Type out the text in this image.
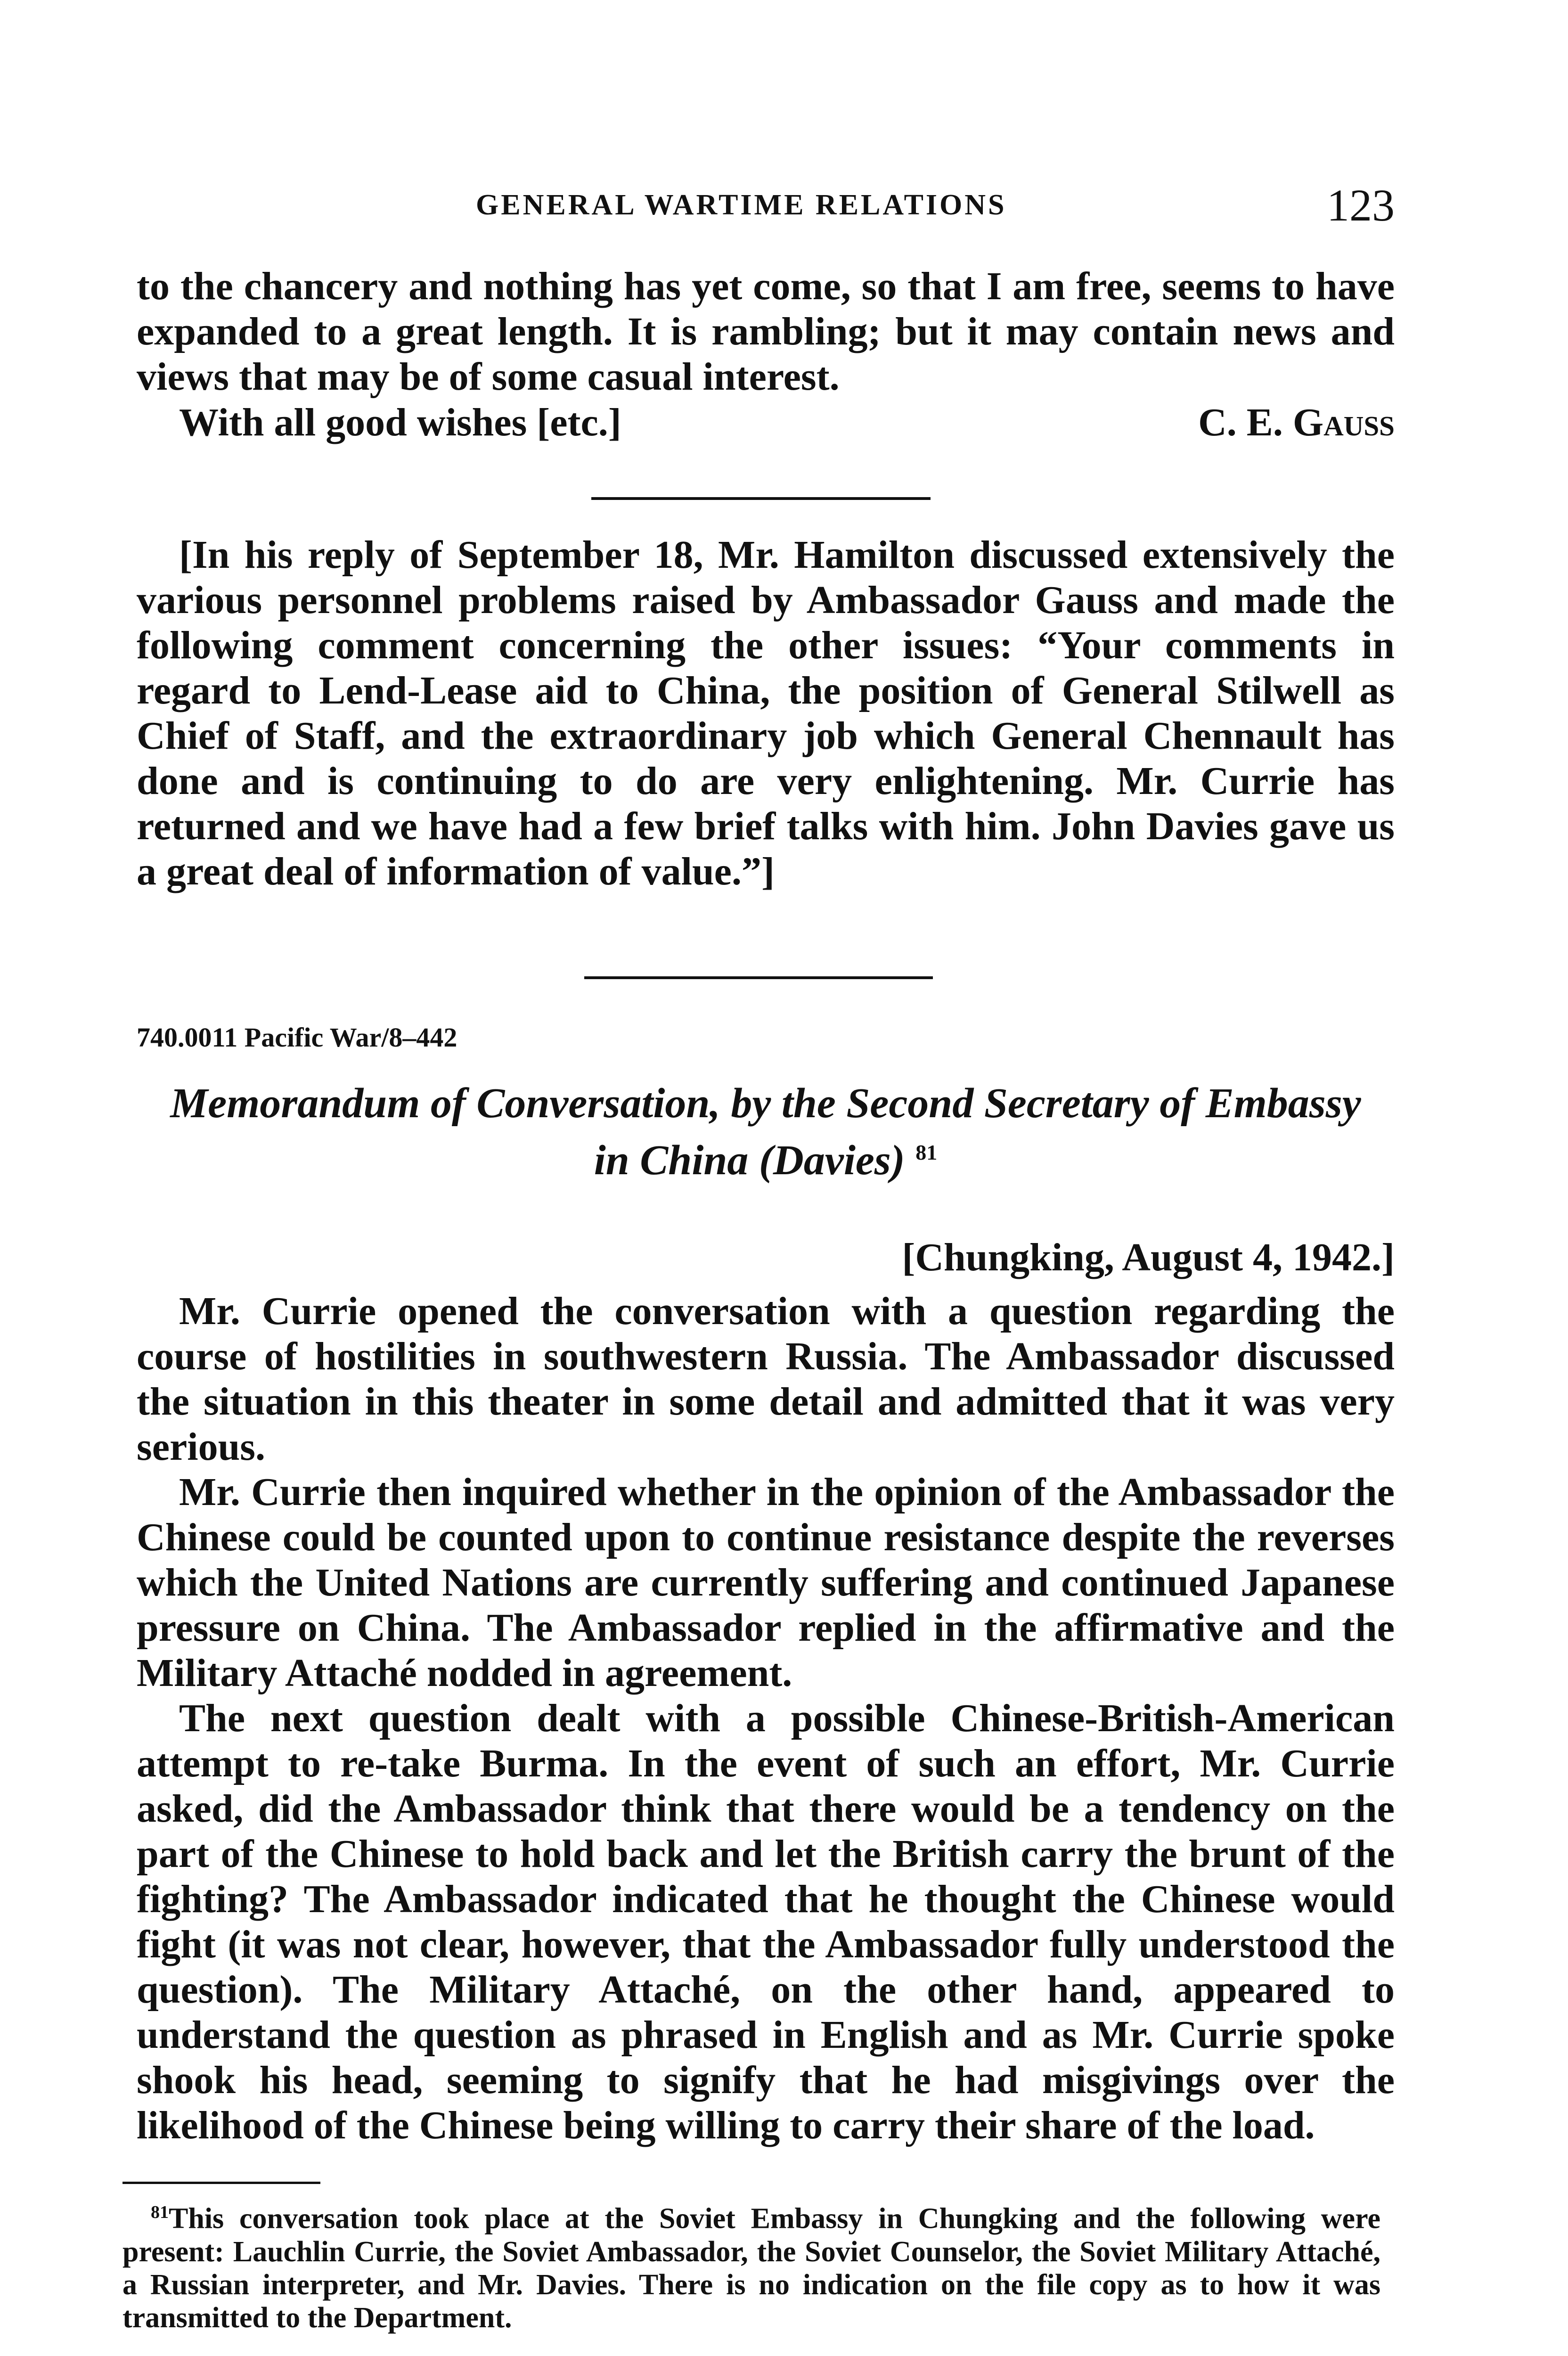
GENERAL WARTIME RELATIONS	123

to the chancery and nothing has yet come, so that I am free, seems to have expanded to a great length. It is rambling; but it may contain news and views that may be of some casual interest.

With all good wishes [etc.]	C. E. Gauss

[In his reply of September 18, Mr. Hamilton discussed extensively the various personnel problems raised by Ambassador Gauss and made the following comment concerning the other issues: “Your comments in regard to Lend-Lease aid to China, the position of General Stilwell as Chief of Staff, and the extraordinary job which General Chennault has done and is continuing to do are very enlightening. Mr. Currie has returned and we have had a few brief talks with him. John Davies gave us a great deal of information of value.”]

740.0011 Pacific War/8–442
Memorandum of Conversation, by the Second Secretary of Embassy
in China (Davies) $^{81}$
[Chungking, August 4, 1942.]

Mr. Currie opened the conversation with a question regarding the course of hostilities in southwestern Russia. The Ambassador discussed the situation in this theater in some detail and admitted that it was very serious.

Mr. Currie then inquired whether in the opinion of the Ambassador the Chinese could be counted upon to continue resistance despite the reverses which the United Nations are currently suffering and continued Japanese pressure on China. The Ambassador replied in the affirmative and the Military Attaché nodded in agreement.

The next question dealt with a possible Chinese-British-American attempt to re-take Burma. In the event of such an effort, Mr. Currie asked, did the Ambassador think that there would be a tendency on the part of the Chinese to hold back and let the British carry the brunt of the fighting? The Ambassador indicated that he thought the Chinese would fight (it was not clear, however, that the Ambassador fully understood the question). The Military Attaché, on the other hand, appeared to understand the question as phrased in English and as Mr. Currie spoke shook his head, seeming to signify that he had misgivings over the likelihood of the Chinese being willing to carry their share of the load.

$^{81}$This conversation took place at the Soviet Embassy in Chungking and the following were present: Lauchlin Currie, the Soviet Ambassador, the Soviet Counselor, the Soviet Military Attaché, a Russian interpreter, and Mr. Davies. There is no indication on the file copy as to how it was transmitted to the Department.
